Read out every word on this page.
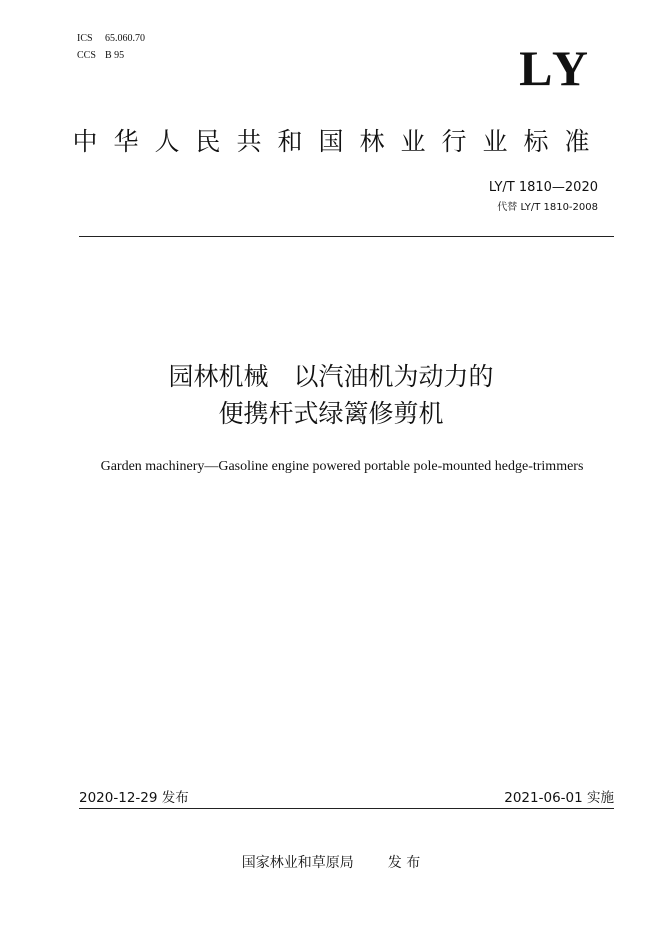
ICS 65.060.70
CCS B 95	LY
中华人民共和国林业行业标准
LY/T 1810—2020
代替 LY/T 1810-2008
园林机械　以汽油机为动力的
便携杆式绿篱修剪机
Garden machinery—Gasoline engine powered portable pole-mounted hedge-trimmers
2020-12-29 发布	2021-06-01 实施
国家林业和草原局 发 布
